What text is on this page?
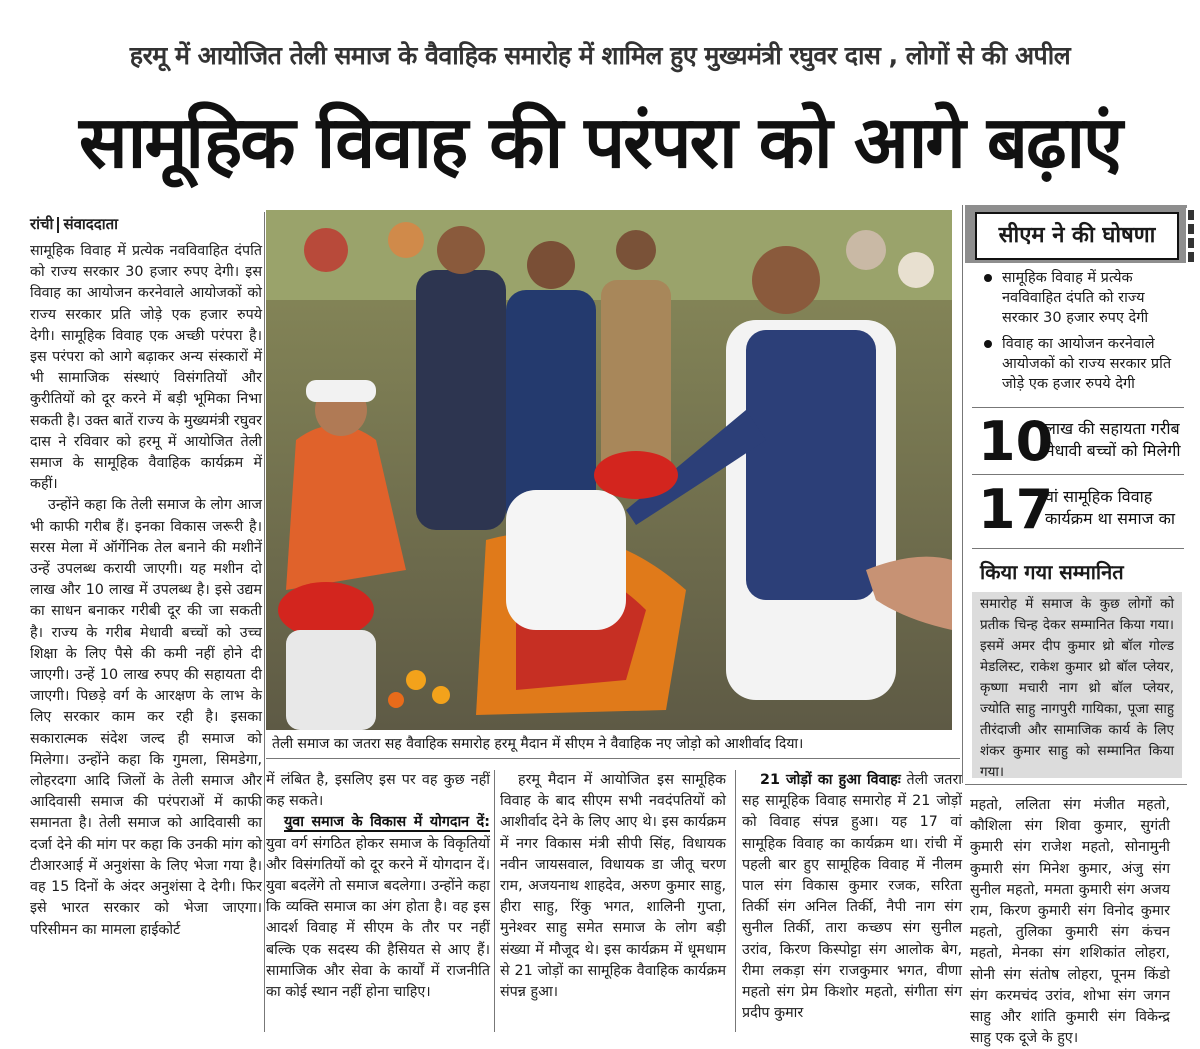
हरमू में आयोजित तेली समाज के वैवाहिक समारोह में शामिल हुए मुख्यमंत्री रघुवर दास , लोगों से की अपील
सामूहिक विवाह की परंपरा को आगे बढ़ाएं
रांची संवाददाता

सामूहिक विवाह में प्रत्येक नवविवाहित दंपति को राज्य सरकार 30 हजार रुपए देगी। इस विवाह का आयोजन करनेवाले आयोजकों को राज्य सरकार प्रति जोड़े एक हजार रुपये देगी। सामूहिक विवाह एक अच्छी परंपरा है। इस परंपरा को आगे बढ़ाकर अन्य संस्कारों में भी सामाजिक संस्थाएं विसंगतियों और कुरीतियों को दूर करने में बड़ी भूमिका निभा सकती है। उक्त बातें राज्य के मुख्यमंत्री रघुवर दास ने रविवार को हरमू में आयोजित तेली समाज के सामूहिक वैवाहिक कार्यक्रम में कहीं।

उन्होंने कहा कि तेली समाज के लोग आज भी काफी गरीब हैं। इनका विकास जरूरी है। सरस मेला में ऑर्गेनिक तेल बनाने की मशीनें उन्हें उपलब्ध करायी जाएगी। यह मशीन दो लाख और 10 लाख में उपलब्ध है। इसे उद्यम का साधन बनाकर गरीबी दूर की जा सकती है। राज्य के गरीब मेधावी बच्चों को उच्च शिक्षा के लिए पैसे की कमी नहीं होने दी जाएगी। उन्हें 10 लाख रुपए की सहायता दी जाएगी। पिछड़े वर्ग के आरक्षण के लाभ के लिए सरकार काम कर रही है। इसका सकारात्मक संदेश जल्द ही समाज को मिलेगा। उन्होंने कहा कि गुमला, सिमडेगा, लोहरदगा आदि जिलों के तेली समाज और आदिवासी समाज की परंपराओं में काफी समानता है। तेली समाज को आदिवासी का दर्जा देने की मांग पर कहा कि उनकी मांग को टीआरआई में अनुशंसा के लिए भेजा गया है। वह 15 दिनों के अंदर अनुशंसा दे देगी। फिर इसे भारत सरकार को भेजा जाएगा। परिसीमन का मामला हाईकोर्ट

तेली समाज का जतरा सह वैवाहिक समारोह हरमू मैदान में सीएम ने वैवाहिक नए जोड़ो को आशीर्वाद दिया।

में लंबित है, इसलिए इस पर वह कुछ नहीं कह सकते।

युवा समाज के विकास में योगदान दें: युवा वर्ग संगठित होकर समाज के विकृतियों और विसंगतियों को दूर करने में योगदान दें। युवा बदलेंगे तो समाज बदलेगा। उन्होंने कहा कि व्यक्ति समाज का अंग होता है। वह इस आदर्श विवाह में सीएम के तौर पर नहीं बल्कि एक सदस्य की हैसियत से आए हैं। सामाजिक और सेवा के कार्यों में राजनीति का कोई स्थान नहीं होना चाहिए।

हरमू मैदान में आयोजित इस सामूहिक विवाह के बाद सीएम सभी नवदंपतियों को आशीर्वाद देने के लिए आए थे। इस कार्यक्रम में नगर विकास मंत्री सीपी सिंह, विधायक नवीन जायसवाल, विधायक डा जीतू चरण राम, अजयनाथ शाहदेव, अरुण कुमार साहु, हीरा साहु, रिंकु भगत, शालिनी गुप्ता, मुनेश्वर साहु समेत समाज के लोग बड़ी संख्या में मौजूद थे। इस कार्यक्रम में धूमधाम से 21 जोड़ों का सामूहिक वैवाहिक कार्यक्रम संपन्न हुआ।

21 जोड़ों का हुआ विवाहः तेली जतरा सह सामूहिक विवाह समारोह में 21 जोड़ों को विवाह संपन्न हुआ। यह 17 वां सामूहिक विवाह का कार्यक्रम था। रांची में पहली बार हुए सामूहिक विवाह में नीलम पाल संग विकास कुमार रजक, सरिता तिर्की संग अनिल तिर्की, नैपी नाग संग सुनील तिर्की, तारा कच्छप संग सुनील उरांव, किरण किस्पोट्टा संग आलोक बेग, रीमा लकड़ा संग राजकुमार भगत, वीणा महतो संग प्रेम किशोर महतो, संगीता संग प्रदीप कुमार

महतो, ललिता संग मंजीत महतो, कौशिला संग शिवा कुमार, सुगंती कुमारी संग राजेश महतो, सोनामुनी कुमारी संग मिनेश कुमार, अंजु संग सुनील महतो, ममता कुमारी संग अजय राम, किरण कुमारी संग विनोद कुमार महतो, तुलिका कुमारी संग कंचन महतो, मेनका संग शशिकांत लोहरा, सोनी संग संतोष लोहरा, पूनम किंडो संग करमचंद उरांव, शोभा संग जगन साहु और शांति कुमारी संग विकेन्द्र साहु एक दूजे के हुए।

सीएम ने की घोषणा
सामूहिक विवाह में प्रत्येक नवविवाहित दंपति को राज्य सरकार 30 हजार रुपए देगी
विवाह का आयोजन करनेवाले आयोजकों को राज्य सरकार प्रति जोड़े एक हजार रुपये देगी
10
लाख की सहायता गरीब मेधावी बच्चों को मिलेगी
17
वां सामूहिक विवाह कार्यक्रम था समाज का
किया गया सम्मानित
समारोह में समाज के कुछ लोगों को प्रतीक चिन्ह देकर सम्मानित किया गया। इसमें अमर दीप कुमार थ्रो बॉल गोल्ड मेडलिस्ट, राकेश कुमार थ्रो बॉल प्लेयर, कृष्णा मचारी नाग थ्रो बॉल प्लेयर, ज्योति साहु नागपुरी गायिका, पूजा साहु तीरंदाजी और सामाजिक कार्य के लिए शंकर कुमार साहु को सम्मानित किया गया।
